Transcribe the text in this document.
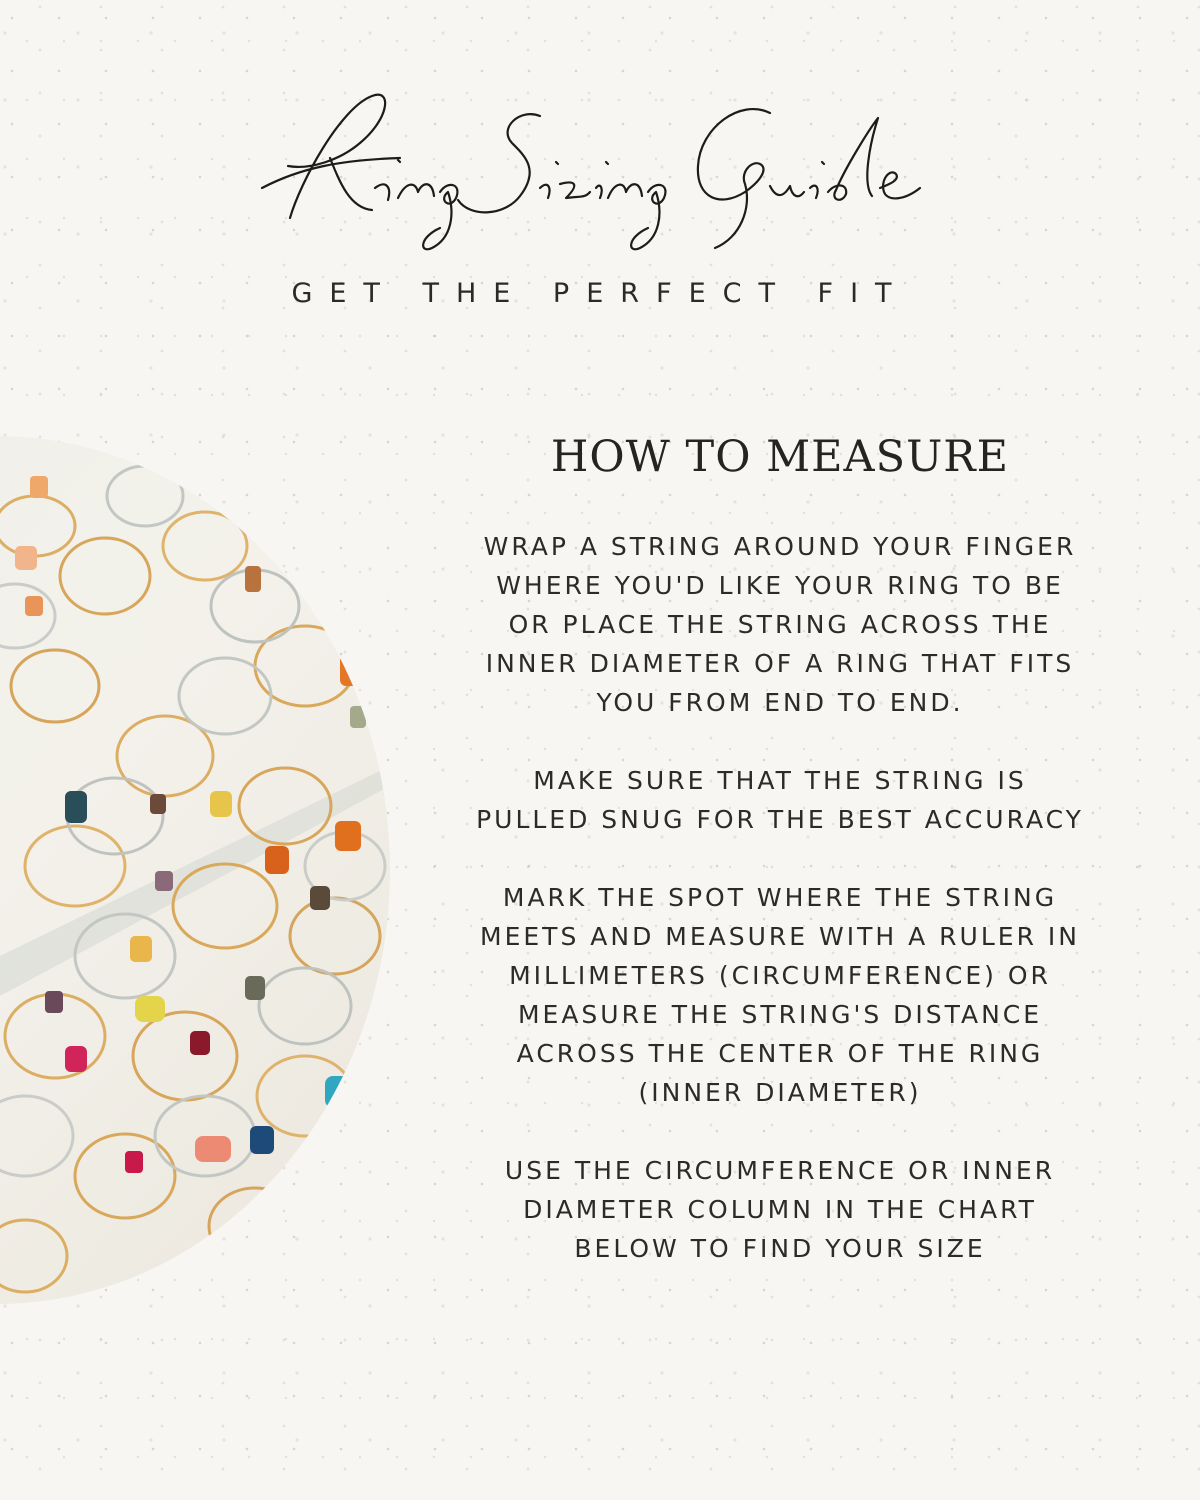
GET THE PERFECT FIT
HOW TO MEASURE

WRAP A STRING AROUND YOUR FINGER
WHERE YOU'D LIKE YOUR RING TO BE
OR PLACE THE STRING ACROSS THE
INNER DIAMETER OF A RING THAT FITS
YOU FROM END TO END.

MAKE SURE THAT THE STRING IS
PULLED SNUG FOR THE BEST ACCURACY

MARK THE SPOT WHERE THE STRING
MEETS AND MEASURE WITH A RULER IN
MILLIMETERS (CIRCUMFERENCE) OR
MEASURE THE STRING'S DISTANCE
ACROSS THE CENTER OF THE RING
(INNER DIAMETER)

USE THE CIRCUMFERENCE OR INNER
DIAMETER COLUMN IN THE CHART
BELOW TO FIND YOUR SIZE
